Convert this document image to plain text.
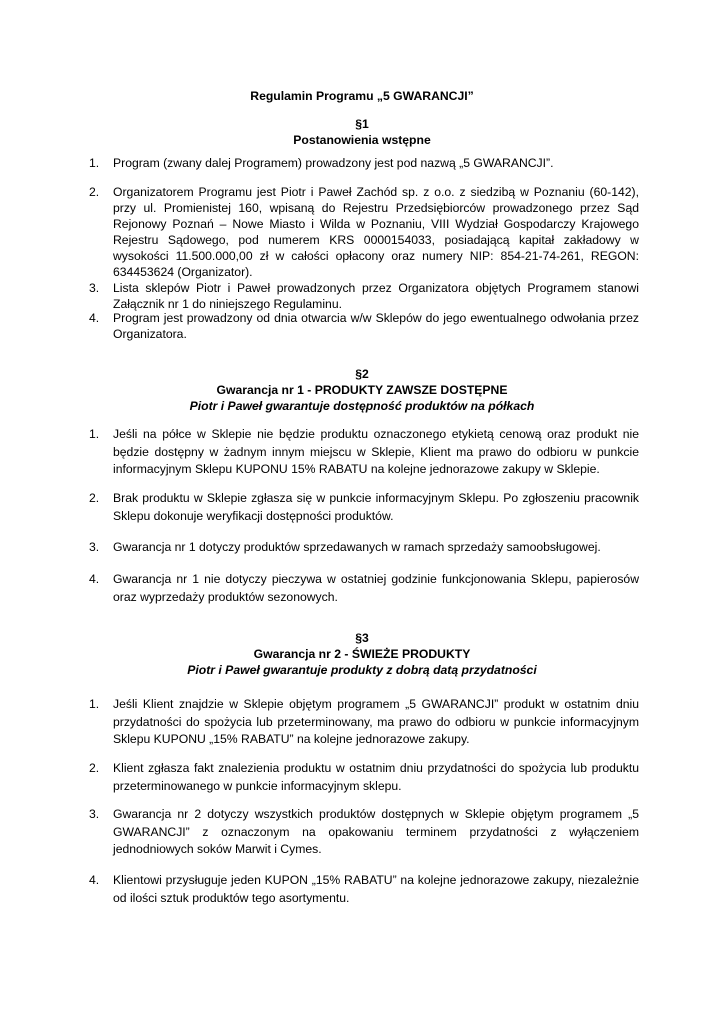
Regulamin Programu „5 GWARANCJI”
§1
Postanowienia wstępne
1. Program (zwany dalej Programem) prowadzony jest pod nazwą „5 GWARANCJI”.
2. Organizatorem Programu jest Piotr i Paweł Zachód sp. z o.o. z siedzibą w Poznaniu (60-142), przy ul. Promienistej 160, wpisaną do Rejestru Przedsiębiorców prowadzonego przez Sąd Rejonowy Poznań – Nowe Miasto i Wilda w Poznaniu, VIII Wydział Gospodarczy Krajowego Rejestru Sądowego, pod numerem KRS 0000154033, posiadającą kapitał zakładowy w wysokości 11.500.000,00 zł w całości opłacony oraz numery NIP: 854-21-74-261, REGON: 634453624 (Organizator).
3. Lista sklepów Piotr i Paweł prowadzonych przez Organizatora objętych Programem stanowi Załącznik nr 1 do niniejszego Regulaminu.
4. Program jest prowadzony od dnia otwarcia w/w Sklepów do jego ewentualnego odwołania przez Organizatora.
§2
Gwarancja nr 1 - PRODUKTY ZAWSZE DOSTĘPNE
Piotr i Paweł gwarantuje dostępność produktów na półkach
1. Jeśli na półce w Sklepie nie będzie produktu oznaczonego etykietą cenową oraz produkt nie będzie dostępny w żadnym innym miejscu w Sklepie, Klient ma prawo do odbioru w punkcie informacyjnym Sklepu KUPONU 15% RABATU na kolejne jednorazowe zakupy w Sklepie.
2. Brak produktu w Sklepie zgłasza się w punkcie informacyjnym Sklepu. Po zgłoszeniu pracownik Sklepu dokonuje weryfikacji dostępności produktów.
3. Gwarancja nr 1 dotyczy produktów sprzedawanych w ramach sprzedaży samoobsługowej.
4. Gwarancja nr 1 nie dotyczy pieczywa w ostatniej godzinie funkcjonowania Sklepu, papierosów oraz wyprzedaży produktów sezonowych.
§3
Gwarancja nr 2 - ŚWIEŻE PRODUKTY
Piotr i Paweł gwarantuje produkty z dobrą datą przydatności
1. Jeśli Klient znajdzie w Sklepie objętym programem „5 GWARANCJI” produkt w ostatnim dniu przydatności do spożycia lub przeterminowany, ma prawo do odbioru w punkcie informacyjnym Sklepu KUPONU „15% RABATU” na kolejne jednorazowe zakupy.
2. Klient zgłasza fakt znalezienia produktu w ostatnim dniu przydatności do spożycia lub produktu przeterminowanego w punkcie informacyjnym sklepu.
3. Gwarancja nr 2 dotyczy wszystkich produktów dostępnych w Sklepie objętym programem „5 GWARANCJI” z oznaczonym na opakowaniu terminem przydatności z wyłączeniem jednodniowych soków Marwit i Cymes.
4. Klientowi przysługuje jeden KUPON „15% RABATU” na kolejne jednorazowe zakupy, niezależnie od ilości sztuk produktów tego asortymentu.
